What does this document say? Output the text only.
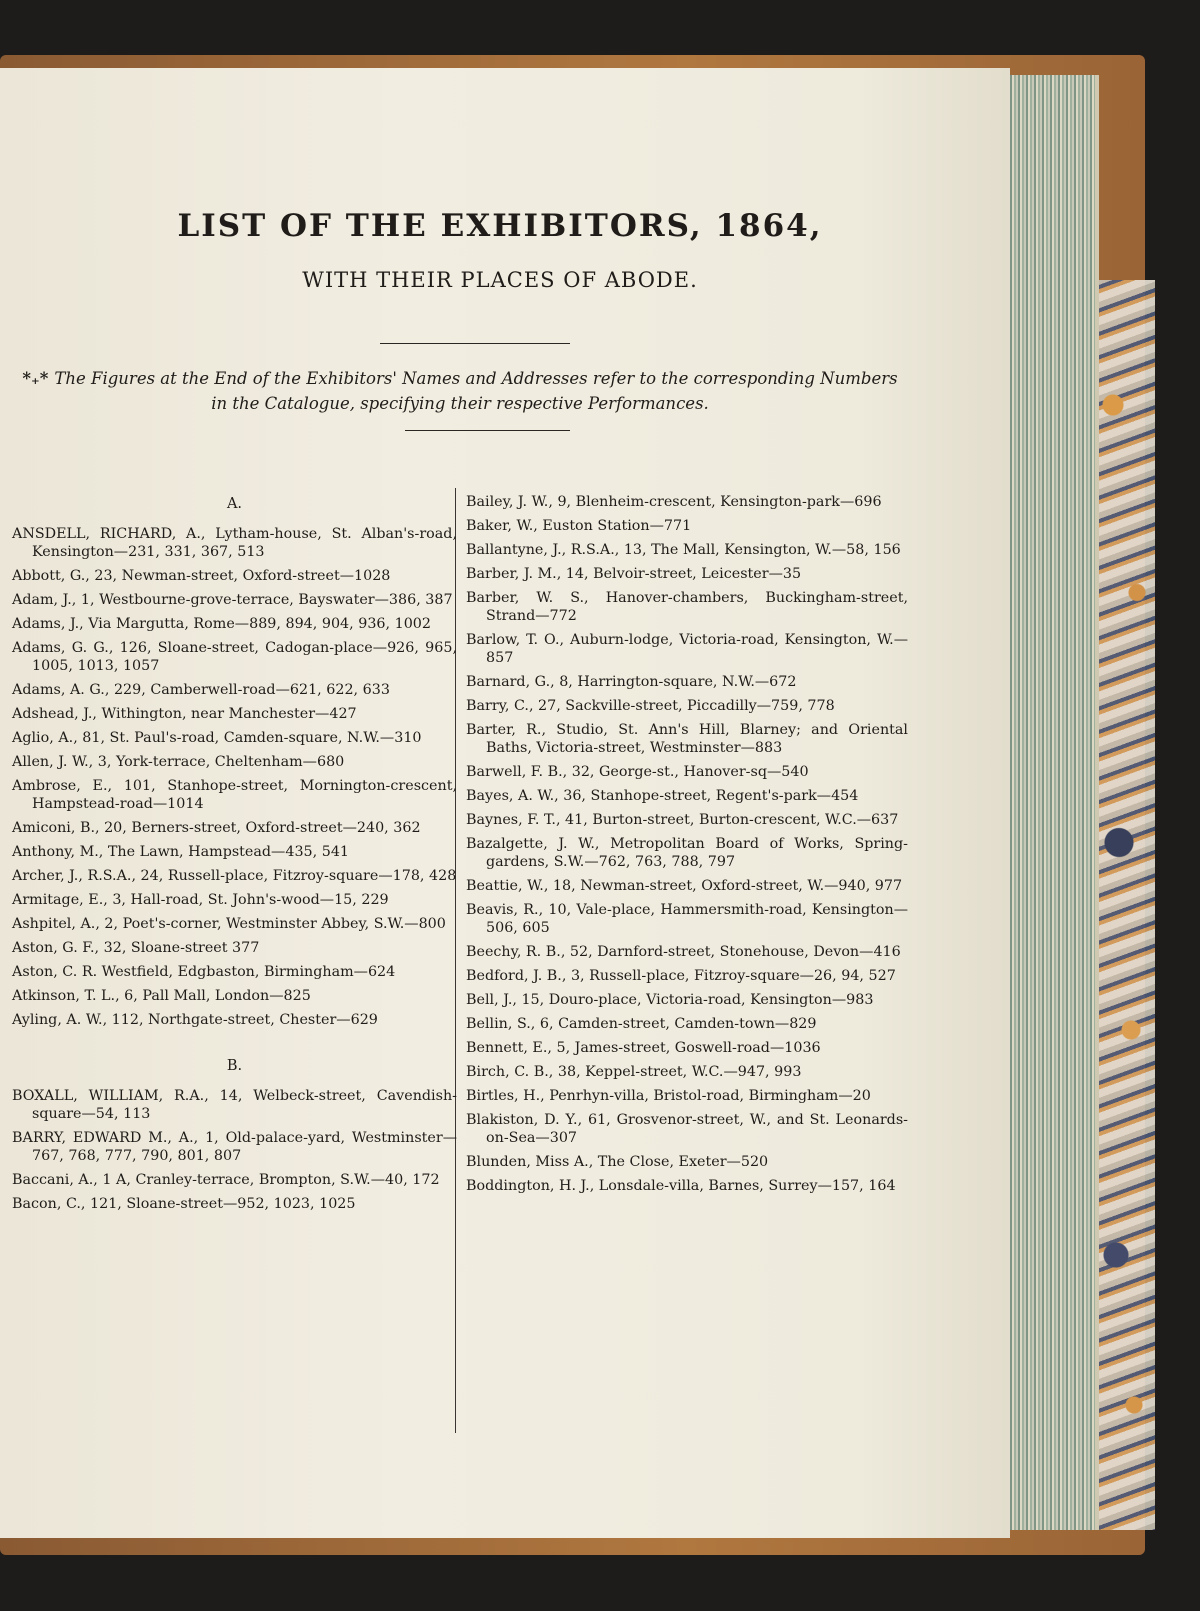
LIST OF THE EXHIBITORS, 1864,
WITH THEIR PLACES OF ABODE.
*₊* The Figures at the End of the Exhibitors' Names and Addresses refer to the corresponding Numbers in the Catalogue, specifying their respective Performances.
A.
ANSDELL, RICHARD, A., Lytham-house, St. Alban's-road, Kensington—231, 331, 367, 513
Abbott, G., 23, Newman-street, Oxford-street—1028
Adam, J., 1, Westbourne-grove-terrace, Bayswater—386, 387
Adams, J., Via Margutta, Rome—889, 894, 904, 936, 1002
Adams, G. G., 126, Sloane-street, Cadogan-place—926, 965, 1005, 1013, 1057
Adams, A. G., 229, Camberwell-road—621, 622, 633
Adshead, J., Withington, near Manchester—427
Aglio, A., 81, St. Paul's-road, Camden-square, N.W.—310
Allen, J. W., 3, York-terrace, Cheltenham—680
Ambrose, E., 101, Stanhope-street, Mornington-crescent, Hampstead-road—1014
Amiconi, B., 20, Berners-street, Oxford-street—240, 362
Anthony, M., The Lawn, Hampstead—435, 541
Archer, J., R.S.A., 24, Russell-place, Fitzroy-square—178, 428
Armitage, E., 3, Hall-road, St. John's-wood—15, 229
Ashpitel, A., 2, Poet's-corner, Westminster Abbey, S.W.—800
Aston, G. F., 32, Sloane-street 377
Aston, C. R. Westfield, Edgbaston, Birmingham—624
Atkinson, T. L., 6, Pall Mall, London—825
Ayling, A. W., 112, Northgate-street, Chester—629
B.
BOXALL, WILLIAM, R.A., 14, Welbeck-street, Cavendish-square—54, 113
BARRY, EDWARD M., A., 1, Old-palace-yard, Westminster—767, 768, 777, 790, 801, 807
Baccani, A., 1 A, Cranley-terrace, Brompton, S.W.—40, 172
Bacon, C., 121, Sloane-street—952, 1023, 1025
Bailey, J. W., 9, Blenheim-crescent, Kensington-park—696
Baker, W., Euston Station—771
Ballantyne, J., R.S.A., 13, The Mall, Kensington, W.—58, 156
Barber, J. M., 14, Belvoir-street, Leicester—35
Barber, W. S., Hanover-chambers, Buckingham-street, Strand—772
Barlow, T. O., Auburn-lodge, Victoria-road, Kensington, W.—857
Barnard, G., 8, Harrington-square, N.W.—672
Barry, C., 27, Sackville-street, Piccadilly—759, 778
Barter, R., Studio, St. Ann's Hill, Blarney; and Oriental Baths, Victoria-street, Westminster—883
Barwell, F. B., 32, George-st., Hanover-sq—540
Bayes, A. W., 36, Stanhope-street, Regent's-park—454
Baynes, F. T., 41, Burton-street, Burton-crescent, W.C.—637
Bazalgette, J. W., Metropolitan Board of Works, Spring-gardens, S.W.—762, 763, 788, 797
Beattie, W., 18, Newman-street, Oxford-street, W.—940, 977
Beavis, R., 10, Vale-place, Hammersmith-road, Kensington—506, 605
Beechy, R. B., 52, Darnford-street, Stonehouse, Devon—416
Bedford, J. B., 3, Russell-place, Fitzroy-square—26, 94, 527
Bell, J., 15, Douro-place, Victoria-road, Kensington—983
Bellin, S., 6, Camden-street, Camden-town—829
Bennett, E., 5, James-street, Goswell-road—1036
Birch, C. B., 38, Keppel-street, W.C.—947, 993
Birtles, H., Penrhyn-villa, Bristol-road, Birmingham—20
Blakiston, D. Y., 61, Grosvenor-street, W., and St. Leonards-on-Sea—307
Blunden, Miss A., The Close, Exeter—520
Boddington, H. J., Lonsdale-villa, Barnes, Surrey—157, 164
